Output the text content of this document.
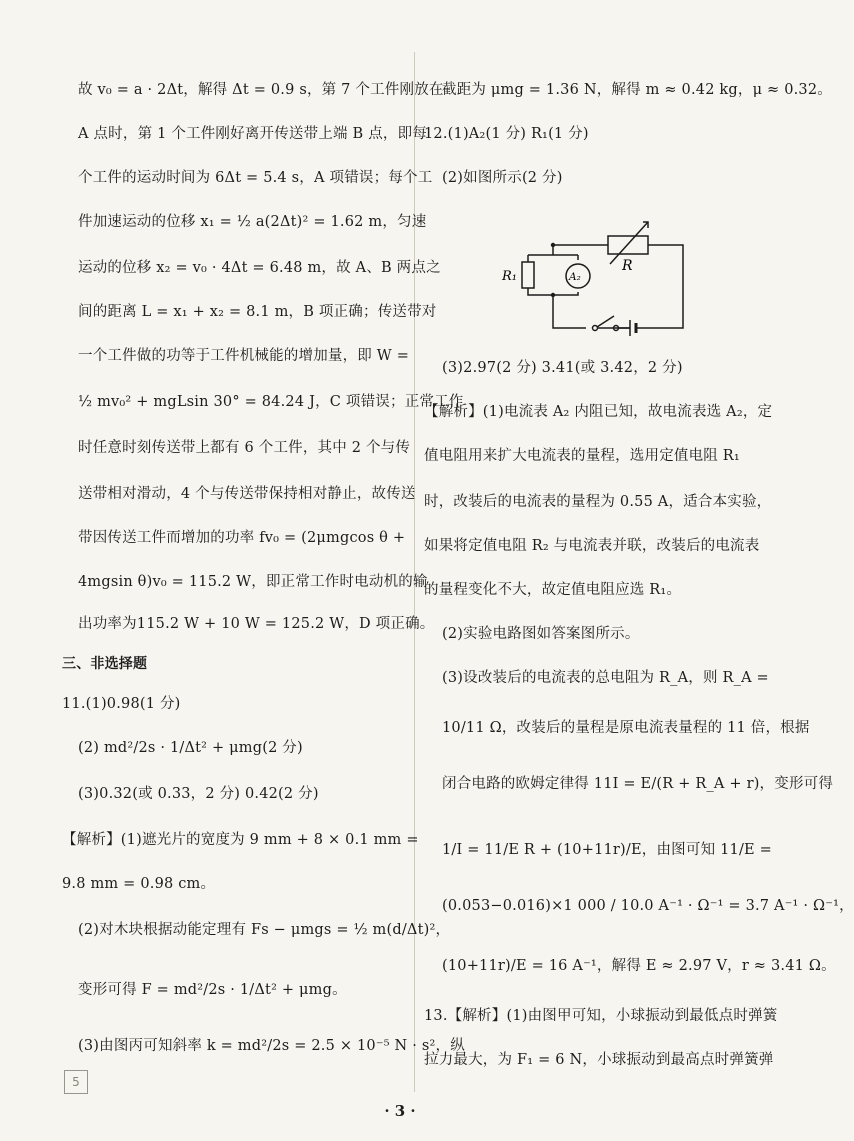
故 v₀ = a · 2Δt，解得 Δt = 0.9 s，第 7 个工件刚放在
A 点时，第 1 个工件刚好离开传送带上端 B 点，即每
个工件的运动时间为 6Δt = 5.4 s，A 项错误；每个工
件加速运动的位移 x₁ = ½ a(2Δt)² = 1.62 m，匀速
运动的位移 x₂ = v₀ · 4Δt = 6.48 m，故 A、B 两点之
间的距离 L = x₁ + x₂ = 8.1 m，B 项正确；传送带对
一个工件做的功等于工件机械能的增加量，即 W =
½ mv₀² + mgLsin 30° = 84.24 J，C 项错误；正常工作
时任意时刻传送带上都有 6 个工件，其中 2 个与传
送带相对滑动，4 个与传送带保持相对静止，故传送
带因传送工件而增加的功率 fv₀ = (2μmgcos θ +
4mgsin θ)v₀ = 115.2 W，即正常工作时电动机的输
出功率为115.2 W + 10 W = 125.2 W，D 项正确。
三、非选择题
11.(1)0.98(1 分)
(2) md²/2s · 1/Δt² + μmg(2 分)
(3)0.32(或 0.33，2 分) 0.42(2 分)
【解析】(1)遮光片的宽度为 9 mm + 8 × 0.1 mm =
9.8 mm = 0.98 cm。
(2)对木块根据动能定理有 Fs − μmgs = ½ m(d/Δt)²，
变形可得 F = md²/2s · 1/Δt² + μmg。
(3)由图丙可知斜率 k = md²/2s = 2.5 × 10⁻⁵ N · s²，纵
截距为 μmg = 1.36 N，解得 m ≈ 0.42 kg，μ ≈ 0.32。
12.(1)A₂(1 分) R₁(1 分)
(2)如图所示(2 分)
(3)2.97(2 分) 3.41(或 3.42，2 分)
【解析】(1)电流表 A₂ 内阻已知，故电流表选 A₂，定
值电阻用来扩大电流表的量程，选用定值电阻 R₁
时，改装后的电流表的量程为 0.55 A，适合本实验，
如果将定值电阻 R₂ 与电流表并联，改装后的电流表
的量程变化不大，故定值电阻应选 R₁。
(2)实验电路图如答案图所示。
(3)设改装后的电流表的总电阻为 R_A，则 R_A =
10/11 Ω，改装后的量程是原电流表量程的 11 倍，根据
闭合电路的欧姆定律得 11I = E/(R + R_A + r)，变形可得
1/I = 11/E R + (10+11r)/E，由图可知 11/E =
(0.053−0.016)×1 000 / 10.0 A⁻¹ · Ω⁻¹ = 3.7 A⁻¹ · Ω⁻¹，
(10+11r)/E = 16 A⁻¹，解得 E ≈ 2.97 V，r ≈ 3.41 Ω。
13.【解析】(1)由图甲可知，小球振动到最低点时弹簧
拉力最大，为 F₁ = 6 N，小球振动到最高点时弹簧弹
R
R₁	A₂
5
· 3 ·
